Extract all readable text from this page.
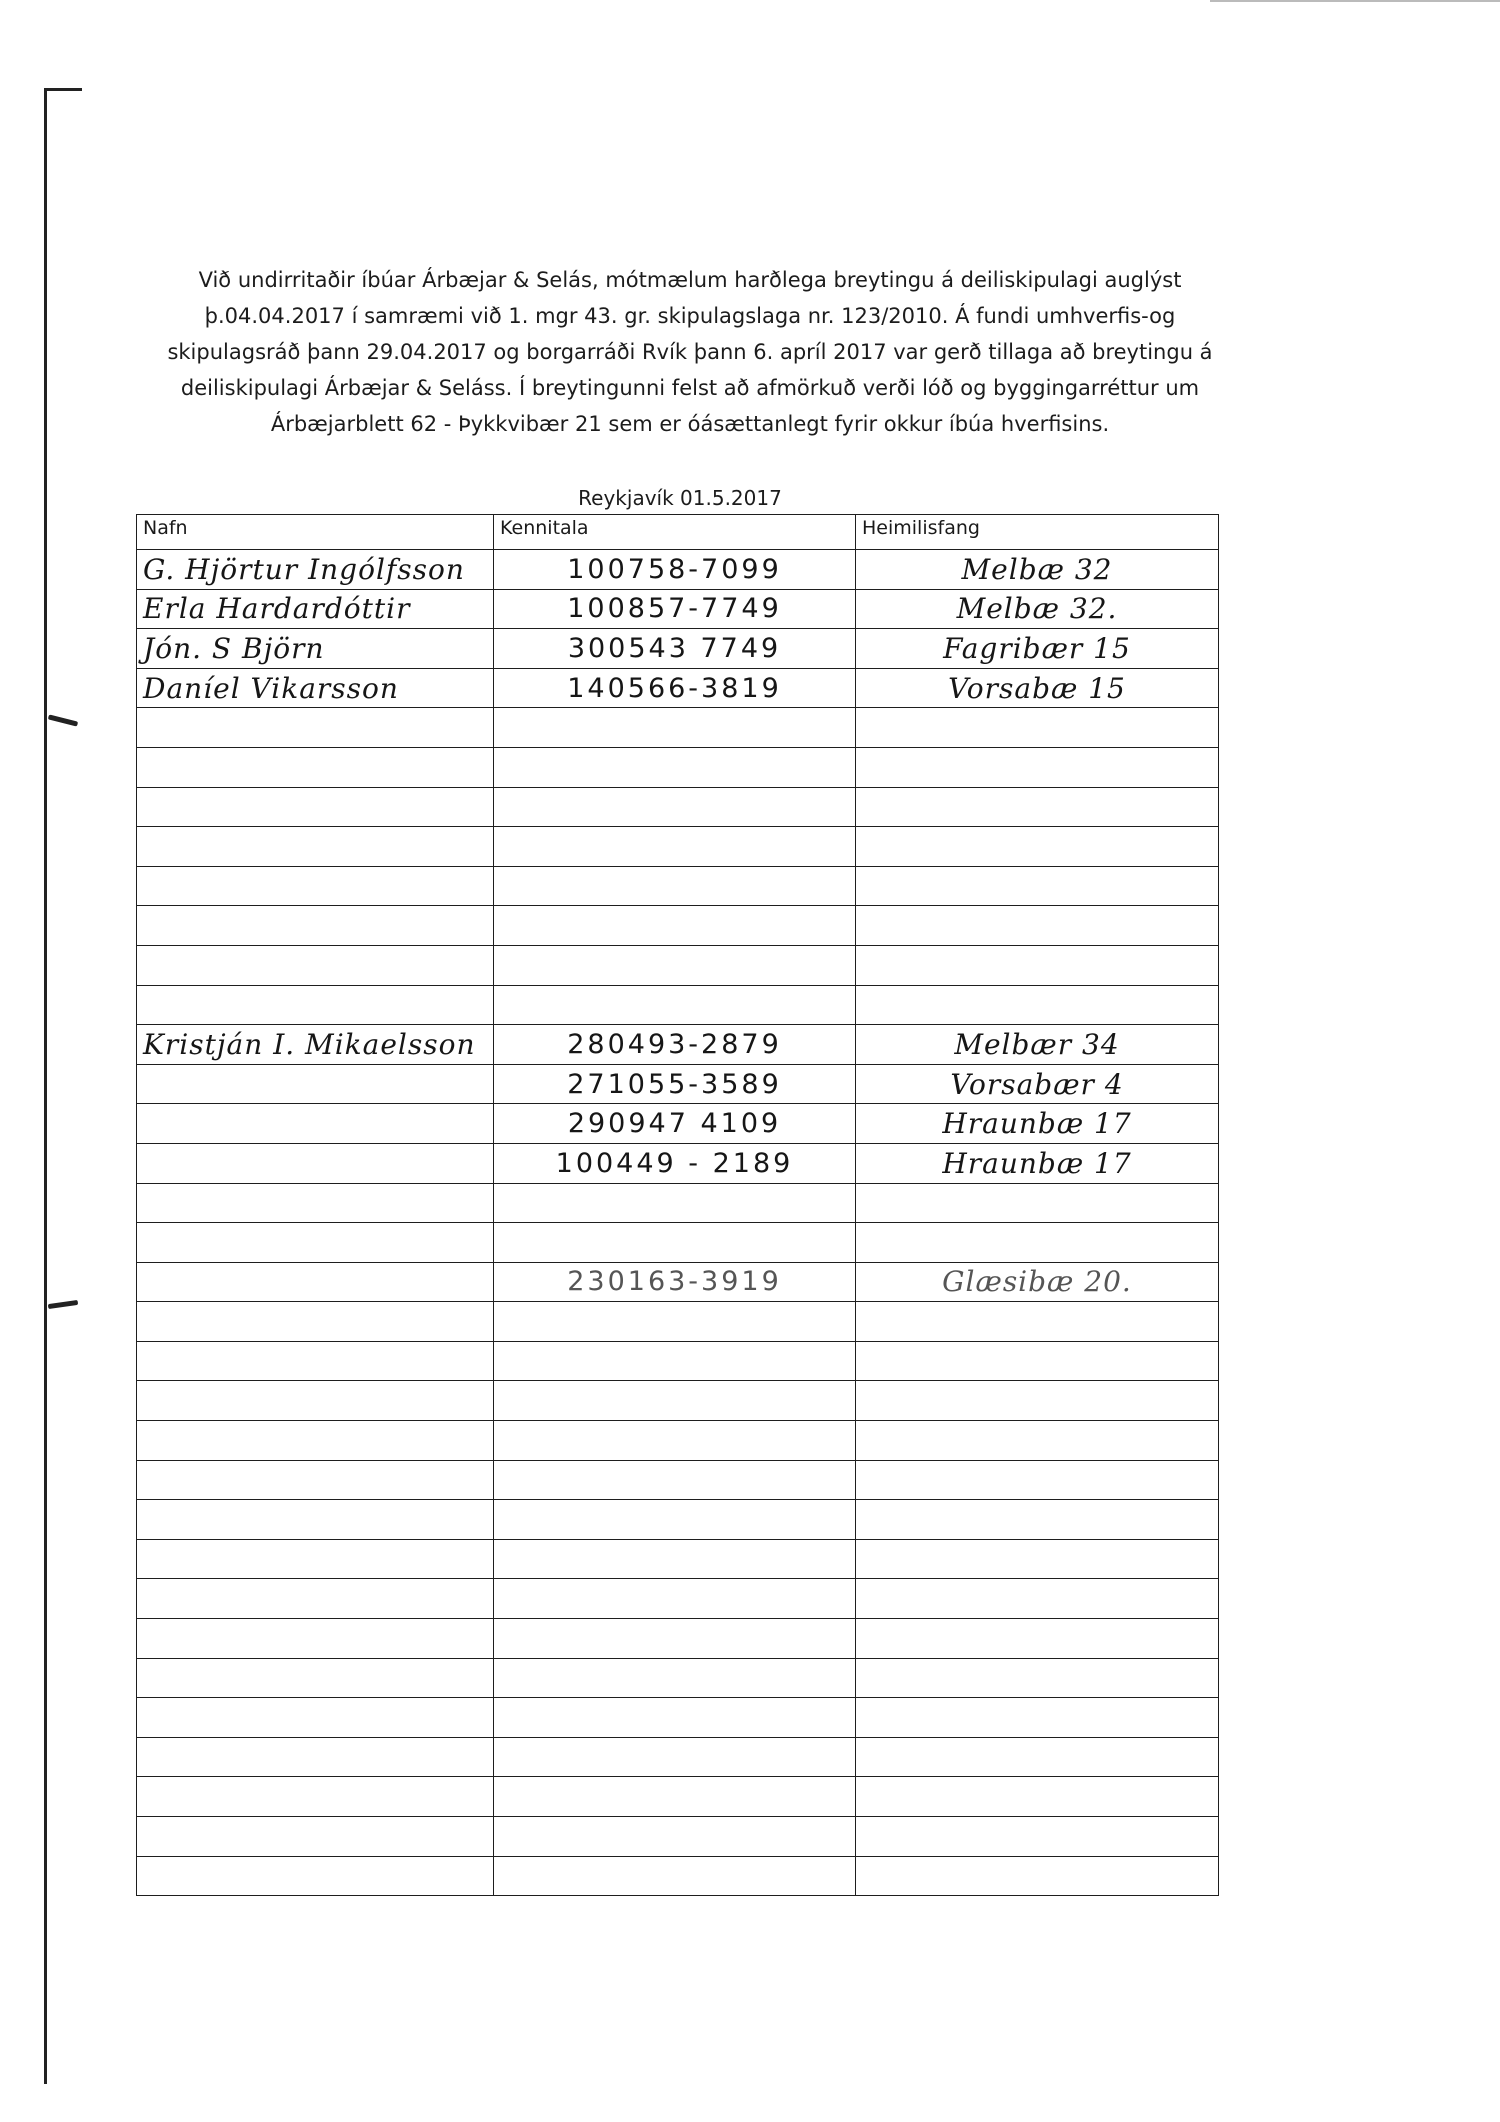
Við undirritaðir íbúar Árbæjar & Selás, mótmælum harðlega breytingu á deiliskipulagi auglýst þ.04.04.2017 í samræmi við 1. mgr 43. gr. skipulagslaga nr. 123/2010. Á fundi umhverfis-og skipulagsráð þann 29.04.2017 og borgarráði Rvík þann 6. apríl 2017 var gerð tillaga að breytingu á deiliskipulagi Árbæjar & Seláss. Í breytingunni felst að afmörkuð verði lóð og byggingarréttur um Árbæjarblett 62 - Þykkvibær 21 sem er óásættanlegt fyrir okkur íbúa hverfisins.
Reykjavík 01.5.2017
Nafn	Kennitala	Heimilisfang
G. Hjörtur Ingólfsson	100758-7099	Melbæ 32
Erla Hardardóttir	100857-7749	Melbæ 32.
Jón. S Björn	300543 7749	Fagribær 15
Daníel Vikarsson	140566-3819	Vorsabæ 15

Kristján I. Mikaelsson	280493-2879	Melbær 34
	271055-3589	Vorsabær 4
	290947 4109	Hraunbæ 17
	100449 - 2189	Hraunbæ 17

	230163-3919	Glæsibæ 20.
